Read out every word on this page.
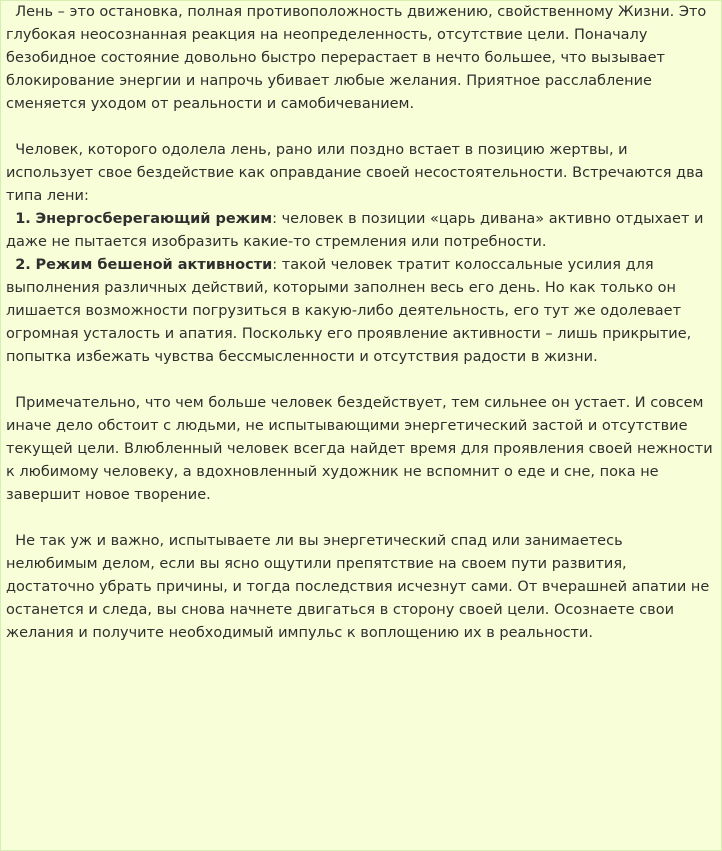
Лень – это остановка, полная противоположность движению, свойственному Жизни. Это глубокая неосознанная реакция на неопределенность, отсутствие цели. Поначалу безобидное состояние довольно быстро перерастает в нечто большее, что вызывает блокирование энергии и напрочь убивает любые желания. Приятное расслабление сменяется уходом от реальности и самобичеванием.

Человек, которого одолела лень, рано или поздно встает в позицию жертвы, и использует свое бездействие как оправдание своей несостоятельности. Встречаются два типа лени:

1. Энергосберегающий режим: человек в позиции «царь дивана» активно отдыхает и даже не пытается изобразить какие-то стремления или потребности.

2. Режим бешеной активности: такой человек тратит колоссальные усилия для выполнения различных действий, которыми заполнен весь его день. Но как только он лишается возможности погрузиться в какую-либо деятельность, его тут же одолевает огромная усталость и апатия. Поскольку его проявление активности – лишь прикрытие, попытка избежать чувства бессмысленности и отсутствия радости в жизни.

Примечательно, что чем больше человек бездействует, тем сильнее он устает. И совсем иначе дело обстоит с людьми, не испытывающими энергетический застой и отсутствие текущей цели. Влюбленный человек всегда найдет время для проявления своей нежности к любимому человеку, а вдохновленный художник не вспомнит о еде и сне, пока не завершит новое творение.

Не так уж и важно, испытываете ли вы энергетический спад или занимаетесь нелюбимым делом, если вы ясно ощутили препятствие на своем пути развития, достаточно убрать причины, и тогда последствия исчезнут сами. От вчерашней апатии не останется и следа, вы снова начнете двигаться в сторону своей цели. Осознаете свои желания и получите необходимый импульс к воплощению их в реальности.
